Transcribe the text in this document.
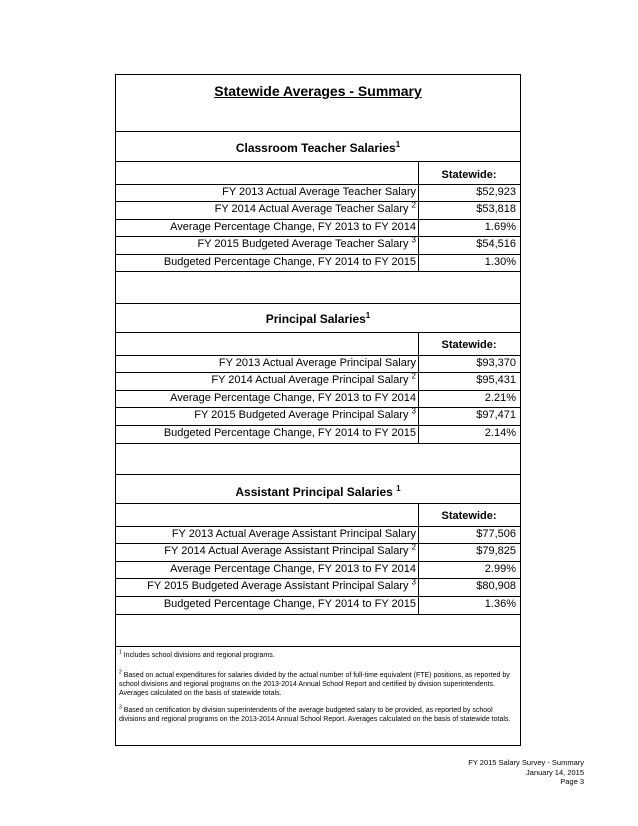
Statewide Averages - Summary
Classroom Teacher Salaries$^1$
Statewide:
FY 2013 Actual Average Teacher Salary	$52,923
FY 2014 Actual Average Teacher Salary $^2$	$53,818
Average Percentage Change, FY 2013 to FY 2014	1.69%
FY 2015 Budgeted Average Teacher Salary $^3$	$54,516
Budgeted Percentage Change, FY 2014 to FY 2015	1.30%
Principal Salaries$^1$
Statewide:
FY 2013 Actual Average Principal Salary	$93,370
FY 2014 Actual Average Principal Salary $^2$	$95,431
Average Percentage Change, FY 2013 to FY 2014	2.21%
FY 2015 Budgeted Average Principal Salary $^3$	$97,471
Budgeted Percentage Change, FY 2014 to FY 2015	2.14%
Assistant Principal Salaries $^1$
Statewide:
FY 2013 Actual Average Assistant Principal Salary	$77,506
FY 2014 Actual Average Assistant Principal Salary $^2$	$79,825
Average Percentage Change, FY 2013 to FY 2014	2.99%
FY 2015 Budgeted Average Assistant Principal Salary $^3$	$80,908
Budgeted Percentage Change, FY 2014 to FY 2015	1.36%
$^1$ Includes school divisions and regional programs.
$^2$ Based on actual expenditures for salaries divided by the actual number of full-time equivalent (FTE) positions, as reported by school divisions and regional programs on the 2013-2014 Annual School Report and certified by division superintendents. Averages calculated on the basis of statewide totals.
$^3$ Based on certification by division superintendents of the average budgeted salary to be provided, as reported by school divisions and regional programs on the 2013-2014 Annual School Report. Averages calculated on the basis of statewide totals.
FY 2015 Salary Survey - Summary
January 14, 2015
Page 3
